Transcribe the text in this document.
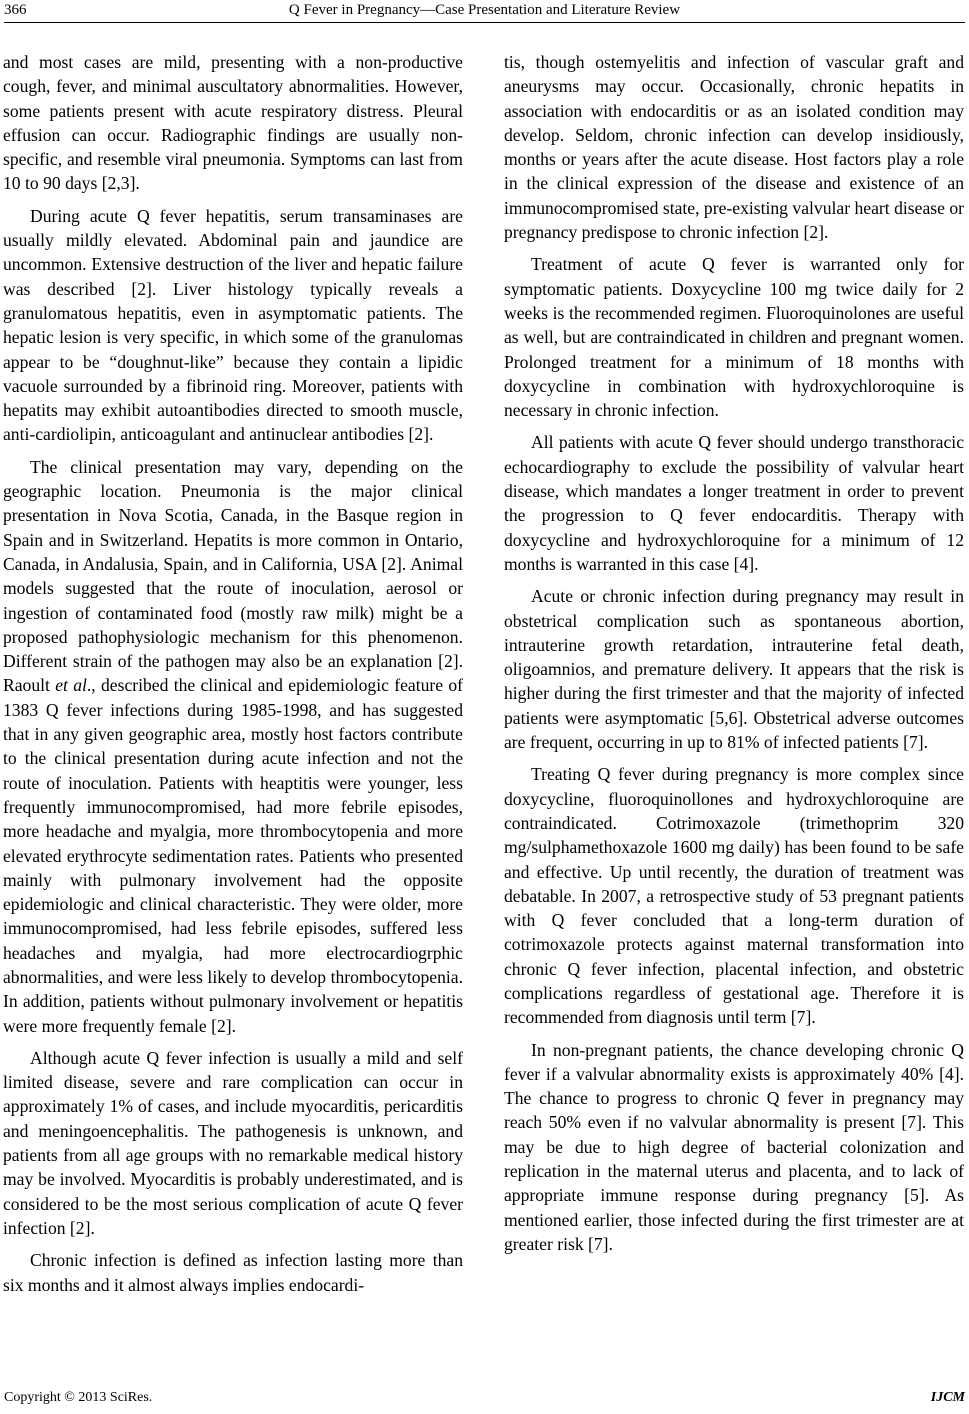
366	Q Fever in Pregnancy—Case Presentation and Literature Review

and most cases are mild, presenting with a non-productive cough, fever, and minimal auscultatory abnormalities. However, some patients present with acute respiratory distress. Pleural effusion can occur. Radiographic findings are usually non-specific, and resemble viral pneumonia. Symptoms can last from 10 to 90 days [2,3].

During acute Q fever hepatitis, serum transaminases are usually mildly elevated. Abdominal pain and jaundice are uncommon. Extensive destruction of the liver and hepatic failure was described [2]. Liver histology typically reveals a granulomatous hepatitis, even in asymptomatic patients. The hepatic lesion is very specific, in which some of the granulomas appear to be “doughnut-like” because they contain a lipidic vacuole surrounded by a fibrinoid ring. Moreover, patients with hepatits may exhibit autoantibodies directed to smooth muscle, anti-cardiolipin, anticoagulant and antinuclear antibodies [2].

The clinical presentation may vary, depending on the geographic location. Pneumonia is the major clinical presentation in Nova Scotia, Canada, in the Basque region in Spain and in Switzerland. Hepatits is more common in Ontario, Canada, in Andalusia, Spain, and in California, USA [2]. Animal models suggested that the route of inoculation, aerosol or ingestion of contaminated food (mostly raw milk) might be a proposed pathophysiologic mechanism for this phenomenon. Different strain of the pathogen may also be an explanation [2]. Raoult et al., described the clinical and epidemiologic feature of 1383 Q fever infections during 1985-1998, and has suggested that in any given geographic area, mostly host factors contribute to the clinical presentation during acute infection and not the route of inoculation. Patients with heaptitis were younger, less frequently immunocompromised, had more febrile episodes, more headache and myalgia, more thrombocytopenia and more elevated erythrocyte sedimentation rates. Patients who presented mainly with pulmonary involvement had the opposite epidemiologic and clinical characteristic. They were older, more immunocompromised, had less febrile episodes, suffered less headaches and myalgia, had more electrocardiogrphic abnormalities, and were less likely to develop thrombocytopenia. In addition, patients without pulmonary involvement or hepatitis were more frequently female [2].

Although acute Q fever infection is usually a mild and self limited disease, severe and rare complication can occur in approximately 1% of cases, and include myocarditis, pericarditis and meningoencephalitis. The pathogenesis is unknown, and patients from all age groups with no remarkable medical history may be involved. Myocarditis is probably underestimated, and is considered to be the most serious complication of acute Q fever infection [2].

Chronic infection is defined as infection lasting more than six months and it almost always implies endocardi-

tis, though ostemyelitis and infection of vascular graft and aneurysms may occur. Occasionally, chronic hepatits in association with endocarditis or as an isolated condition may develop. Seldom, chronic infection can develop insidiously, months or years after the acute disease. Host factors play a role in the clinical expression of the disease and existence of an immunocompromised state, pre-existing valvular heart disease or pregnancy predispose to chronic infection [2].

Treatment of acute Q fever is warranted only for symptomatic patients. Doxycycline 100 mg twice daily for 2 weeks is the recommended regimen. Fluoroquinolones are useful as well, but are contraindicated in children and pregnant women. Prolonged treatment for a minimum of 18 months with doxycycline in combination with hydroxychloroquine is necessary in chronic infection.

All patients with acute Q fever should undergo transthoracic echocardiography to exclude the possibility of valvular heart disease, which mandates a longer treatment in order to prevent the progression to Q fever endocarditis. Therapy with doxycycline and hydroxychloroquine for a minimum of 12 months is warranted in this case [4].

Acute or chronic infection during pregnancy may result in obstetrical complication such as spontaneous abortion, intrauterine growth retardation, intrauterine fetal death, oligoamnios, and premature delivery. It appears that the risk is higher during the first trimester and that the majority of infected patients were asymptomatic [5,6]. Obstetrical adverse outcomes are frequent, occurring in up to 81% of infected patients [7].

Treating Q fever during pregnancy is more complex since doxycycline, fluoroquinollones and hydroxychloroquine are contraindicated. Cotrimoxazole (trimethoprim 320 mg/sulphamethoxazole 1600 mg daily) has been found to be safe and effective. Up until recently, the duration of treatment was debatable. In 2007, a retrospective study of 53 pregnant patients with Q fever concluded that a long-term duration of cotrimoxazole protects against maternal transformation into chronic Q fever infection, placental infection, and obstetric complications regardless of gestational age. Therefore it is recommended from diagnosis until term [7].

In non-pregnant patients, the chance developing chronic Q fever if a valvular abnormality exists is approximately 40% [4]. The chance to progress to chronic Q fever in pregnancy may reach 50% even if no valvular abnormality is present [7]. This may be due to high degree of bacterial colonization and replication in the maternal uterus and placenta, and to lack of appropriate immune response during pregnancy [5]. As mentioned earlier, those infected during the first trimester are at greater risk [7].

Copyright © 2013 SciRes.	IJCM
